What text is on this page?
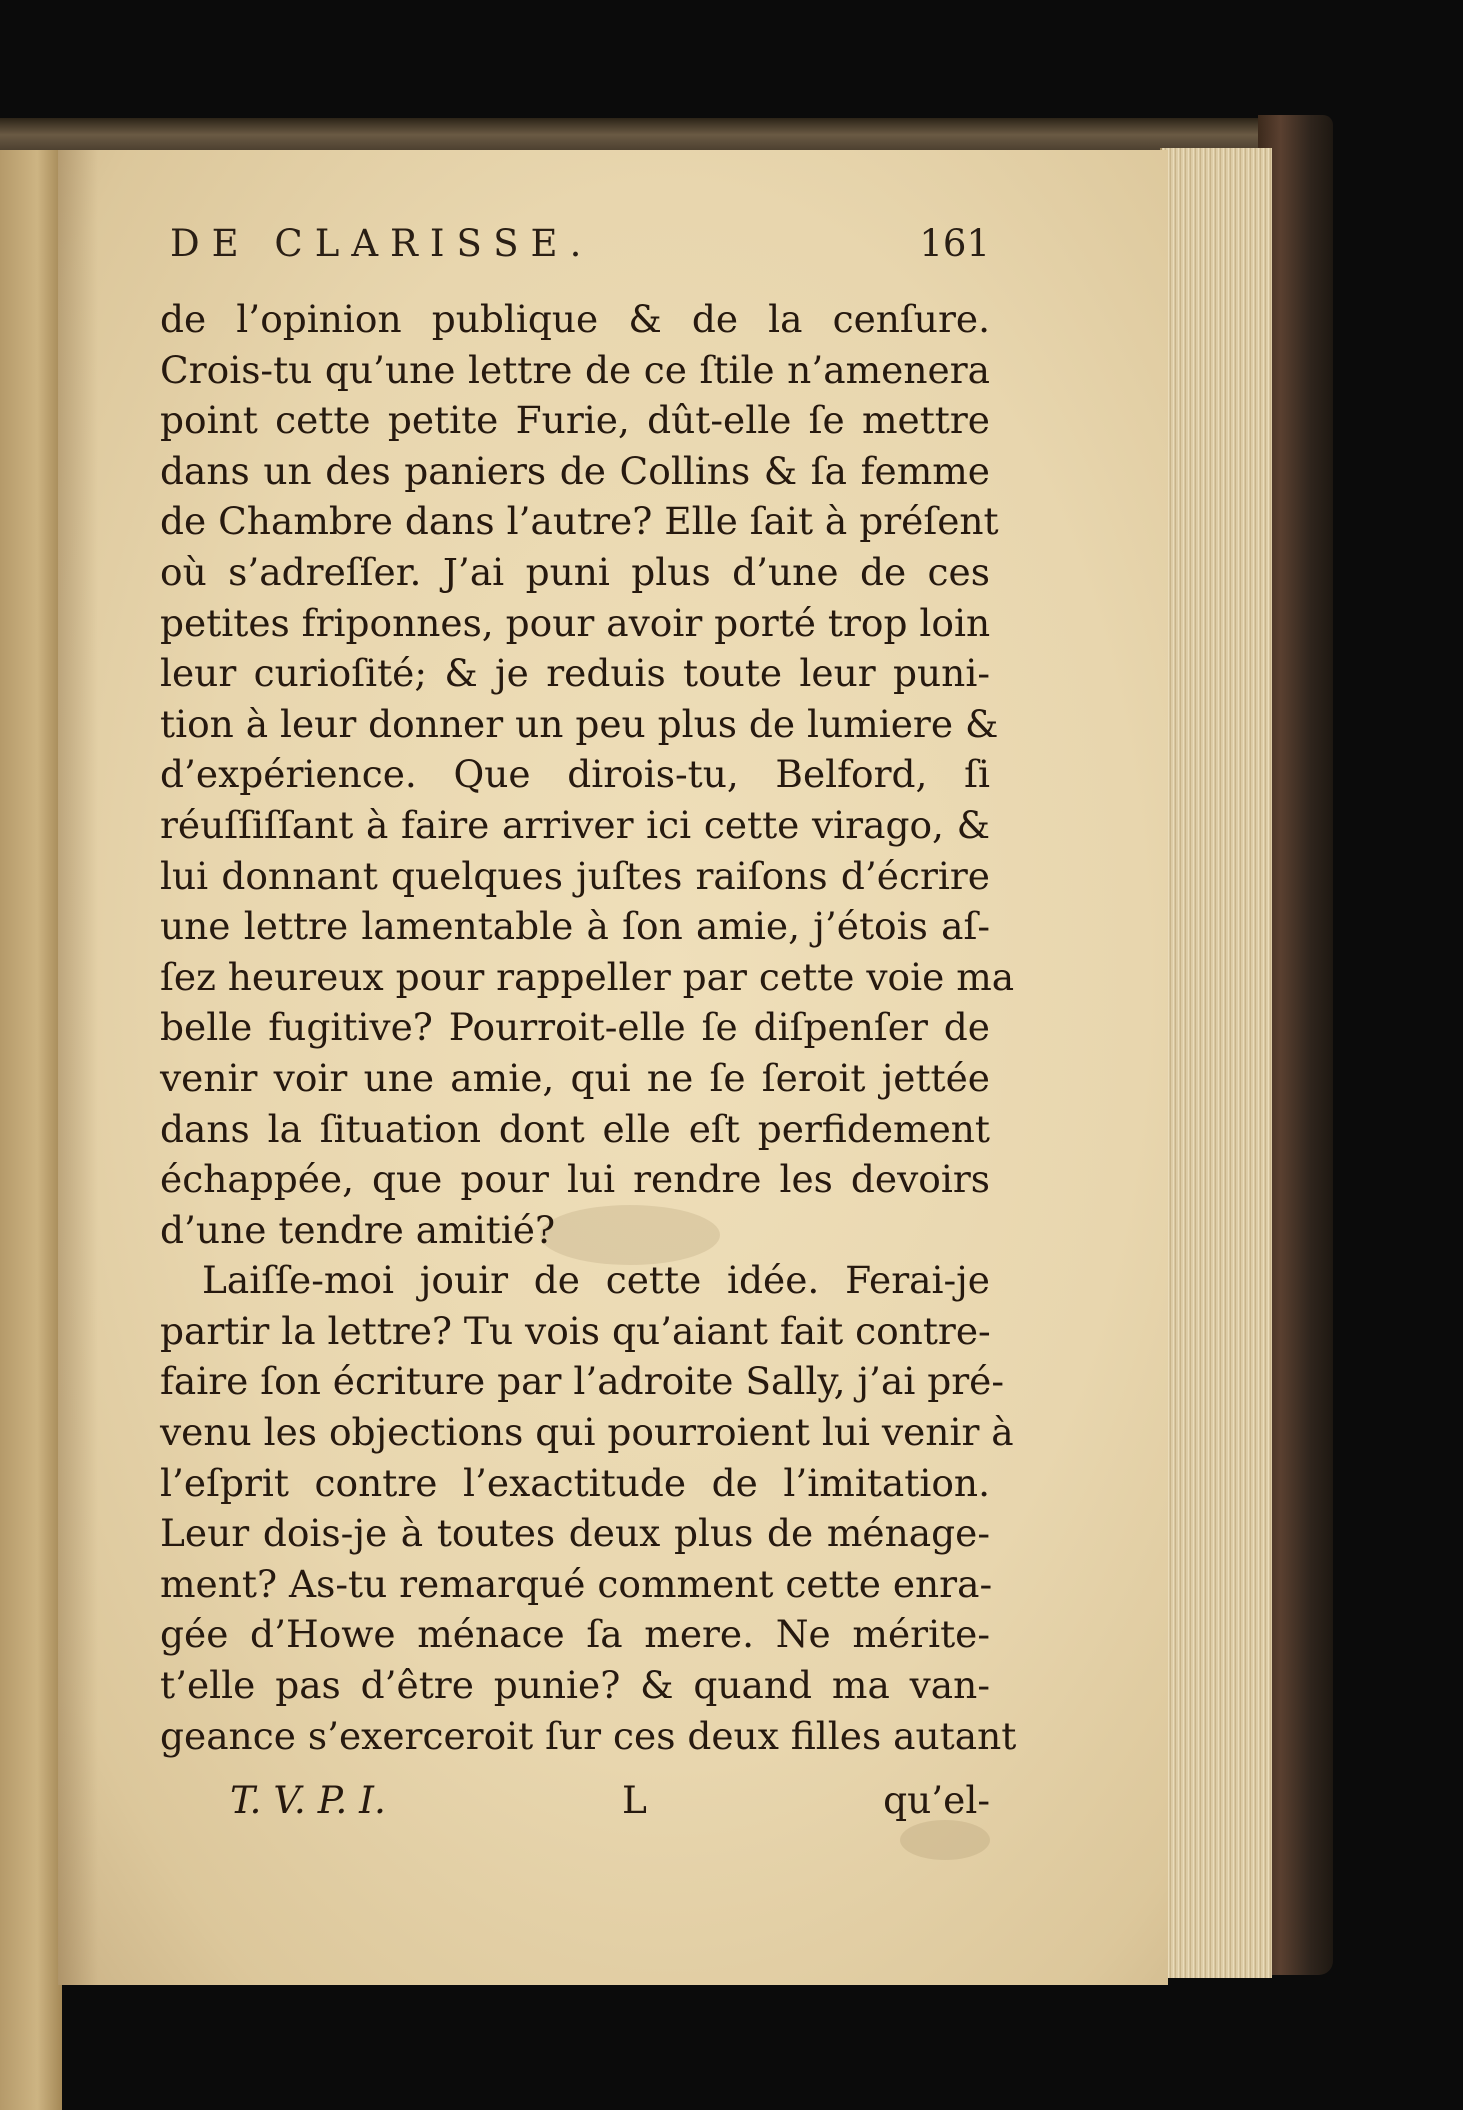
DE CLARISSE.	161
de l’opinion publique & de la cenſure.
Crois-tu qu’une lettre de ce ſtile n’amenera
point cette petite Furie, dût-elle ſe mettre
dans un des paniers de Collins & ſa femme
de Chambre dans l’autre? Elle ſait à préſent
où s’adreſſer. J’ai puni plus d’une de ces
petites friponnes, pour avoir porté trop loin
leur curioſité; & je reduis toute leur puni-
tion à leur donner un peu plus de lumiere &
d’expérience. Que dirois-tu, Belford, ſi
réuſſiſſant à faire arriver ici cette virago, &
lui donnant quelques juſtes raiſons d’écrire
une lettre lamentable à ſon amie, j’étois aſ-
ſez heureux pour rappeller par cette voie ma
belle fugitive? Pourroit-elle ſe diſpenſer de
venir voir une amie, qui ne ſe ſeroit jettée
dans la ſituation dont elle eſt perfidement
échappée, que pour lui rendre les devoirs
d’une tendre amitié?
Laiſſe-moi jouir de cette idée. Ferai-je
partir la lettre? Tu vois qu’aiant fait contre-
faire ſon écriture par l’adroite Sally, j’ai pré-
venu les objections qui pourroient lui venir à
l’eſprit contre l’exactitude de l’imitation.
Leur dois-je à toutes deux plus de ménage-
ment? As-tu remarqué comment cette enra-
gée d’Howe ménace ſa mere. Ne mérite-
t’elle pas d’être punie? & quand ma van-
geance s’exerceroit ſur ces deux filles autant
T. V. P. I.	L	qu’el-
